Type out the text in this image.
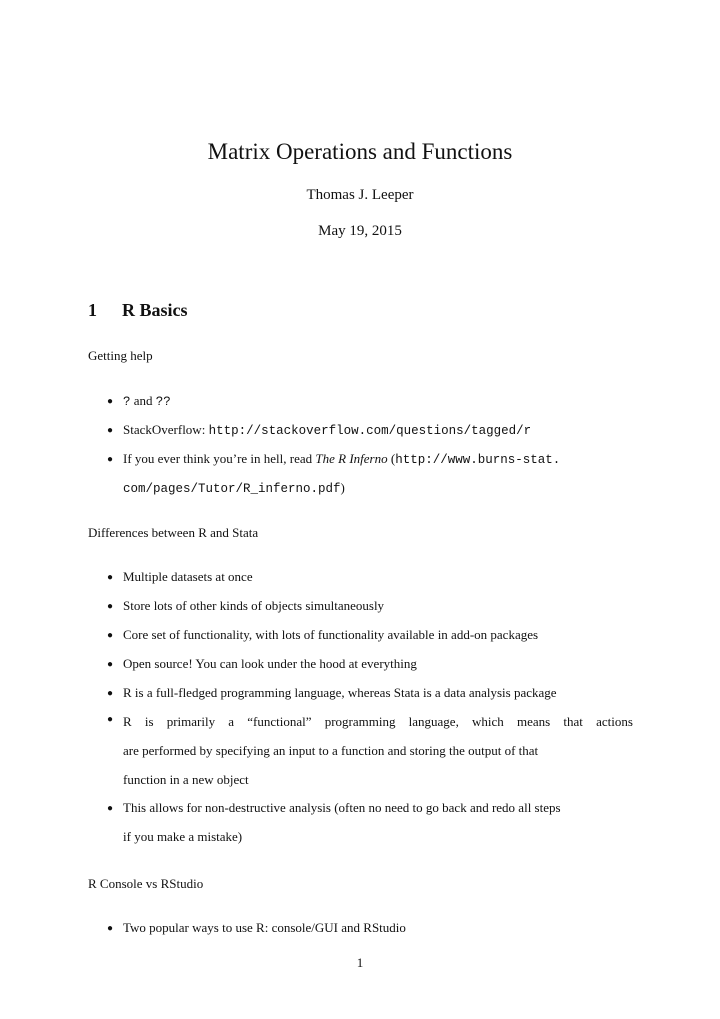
Matrix Operations and Functions
Thomas J. Leeper
May 19, 2015
1 R Basics
Getting help
● ? and ??
● StackOverflow: http://stackoverflow.com/questions/tagged/r
● If you ever think you’re in hell, read The R Inferno (http://www.burns-stat.
com/pages/Tutor/R_inferno.pdf)
Differences between R and Stata
● Multiple datasets at once
● Store lots of other kinds of objects simultaneously
● Core set of functionality, with lots of functionality available in add-on packages
● Open source! You can look under the hood at everything
● R is a full-fledged programming language, whereas Stata is a data analysis package
● R is primarily a “functional” programming language, which means that actions
are performed by specifying an input to a function and storing the output of that
function in a new object
● This allows for non-destructive analysis (often no need to go back and redo all steps
if you make a mistake)
R Console vs RStudio
● Two popular ways to use R: console/GUI and RStudio
1
